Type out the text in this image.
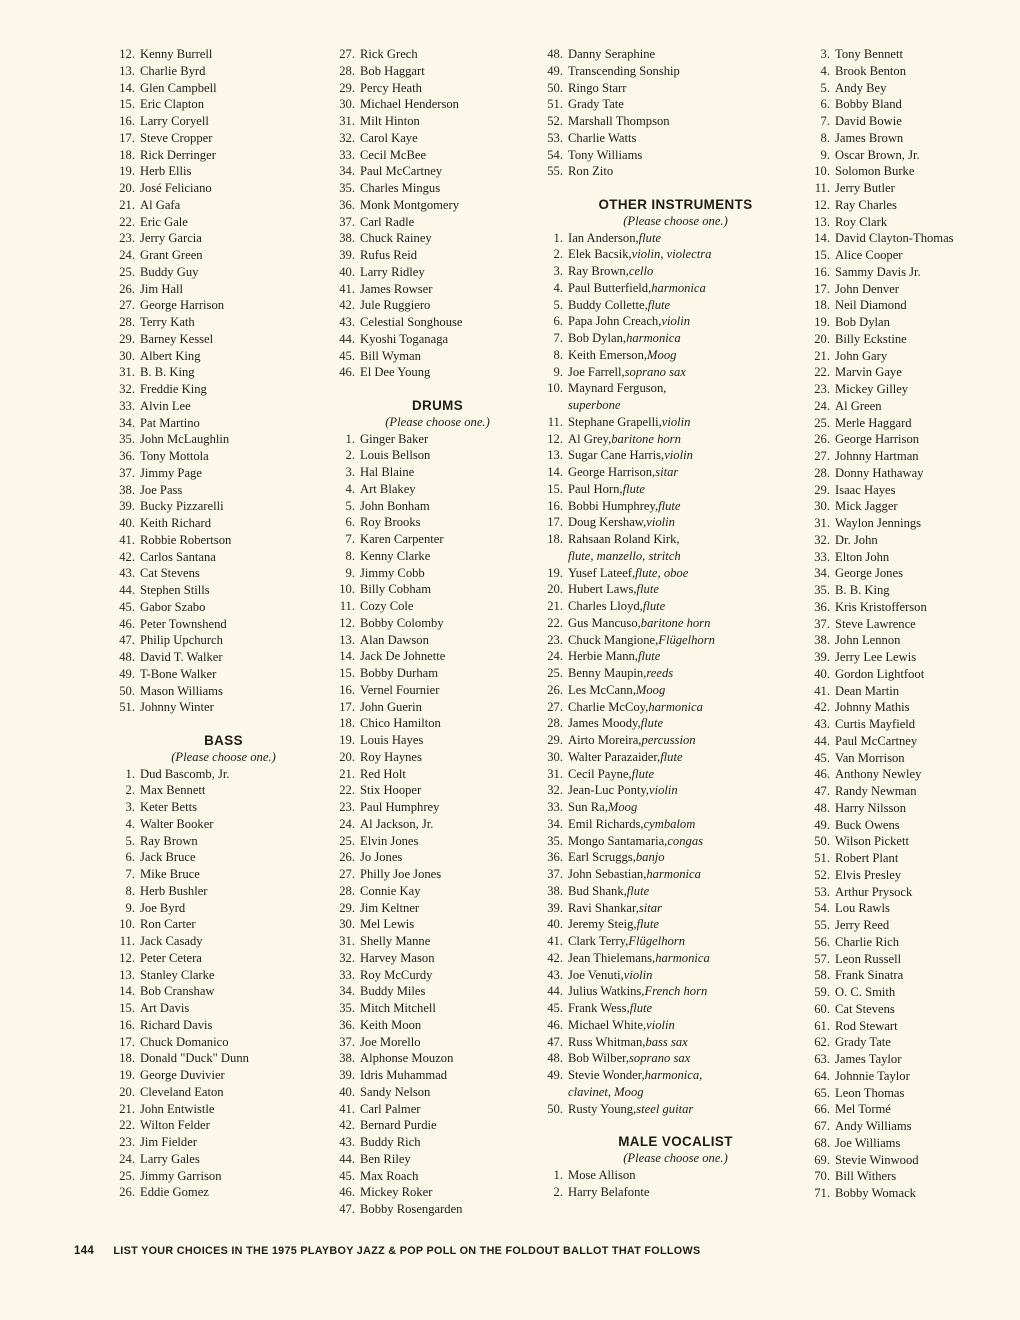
12. Kenny Burrell
13. Charlie Byrd
14. Glen Campbell
15. Eric Clapton
16. Larry Coryell
17. Steve Cropper
18. Rick Derringer
19. Herb Ellis
20. José Feliciano
21. Al Gafa
22. Eric Gale
23. Jerry Garcia
24. Grant Green
25. Buddy Guy
26. Jim Hall
27. George Harrison
28. Terry Kath
29. Barney Kessel
30. Albert King
31. B. B. King
32. Freddie King
33. Alvin Lee
34. Pat Martino
35. John McLaughlin
36. Tony Mottola
37. Jimmy Page
38. Joe Pass
39. Bucky Pizzarelli
40. Keith Richard
41. Robbie Robertson
42. Carlos Santana
43. Cat Stevens
44. Stephen Stills
45. Gabor Szabo
46. Peter Townshend
47. Philip Upchurch
48. David T. Walker
49. T-Bone Walker
50. Mason Williams
51. Johnny Winter
BASS
(Please choose one.)
1. Dud Bascomb, Jr.
2. Max Bennett
3. Keter Betts
4. Walter Booker
5. Ray Brown
6. Jack Bruce
7. Mike Bruce
8. Herb Bushler
9. Joe Byrd
10. Ron Carter
11. Jack Casady
12. Peter Cetera
13. Stanley Clarke
14. Bob Cranshaw
15. Art Davis
16. Richard Davis
17. Chuck Domanico
18. Donald "Duck" Dunn
19. George Duvivier
20. Cleveland Eaton
21. John Entwistle
22. Wilton Felder
23. Jim Fielder
24. Larry Gales
25. Jimmy Garrison
26. Eddie Gomez
27. Rick Grech
28. Bob Haggart
29. Percy Heath
30. Michael Henderson
31. Milt Hinton
32. Carol Kaye
33. Cecil McBee
34. Paul McCartney
35. Charles Mingus
36. Monk Montgomery
37. Carl Radle
38. Chuck Rainey
39. Rufus Reid
40. Larry Ridley
41. James Rowser
42. Jule Ruggiero
43. Celestial Songhouse
44. Kyoshi Toganaga
45. Bill Wyman
46. El Dee Young
DRUMS
(Please choose one.)
1. Ginger Baker
2. Louis Bellson
3. Hal Blaine
4. Art Blakey
5. John Bonham
6. Roy Brooks
7. Karen Carpenter
8. Kenny Clarke
9. Jimmy Cobb
10. Billy Cobham
11. Cozy Cole
12. Bobby Colomby
13. Alan Dawson
14. Jack De Johnette
15. Bobby Durham
16. Vernel Fournier
17. John Guerin
18. Chico Hamilton
19. Louis Hayes
20. Roy Haynes
21. Red Holt
22. Stix Hooper
23. Paul Humphrey
24. Al Jackson, Jr.
25. Elvin Jones
26. Jo Jones
27. Philly Joe Jones
28. Connie Kay
29. Jim Keltner
30. Mel Lewis
31. Shelly Manne
32. Harvey Mason
33. Roy McCurdy
34. Buddy Miles
35. Mitch Mitchell
36. Keith Moon
37. Joe Morello
38. Alphonse Mouzon
39. Idris Muhammad
40. Sandy Nelson
41. Carl Palmer
42. Bernard Purdie
43. Buddy Rich
44. Ben Riley
45. Max Roach
46. Mickey Roker
47. Bobby Rosengarden
48. Danny Seraphine
49. Transcending Sonship
50. Ringo Starr
51. Grady Tate
52. Marshall Thompson
53. Charlie Watts
54. Tony Williams
55. Ron Zito
OTHER INSTRUMENTS
(Please choose one.)
1. Ian Anderson, flute
2. Elek Bacsik, violin, violectra
3. Ray Brown, cello
4. Paul Butterfield, harmonica
5. Buddy Collette, flute
6. Papa John Creach, violin
7. Bob Dylan, harmonica
8. Keith Emerson, Moog
9. Joe Farrell, soprano sax
10. Maynard Ferguson,
superbone
11. Stephane Grapelli, violin
12. Al Grey, baritone horn
13. Sugar Cane Harris, violin
14. George Harrison, sitar
15. Paul Horn, flute
16. Bobbi Humphrey, flute
17. Doug Kershaw, violin
18. Rahsaan Roland Kirk,
flute, manzello, stritch
19. Yusef Lateef, flute, oboe
20. Hubert Laws, flute
21. Charles Lloyd, flute
22. Gus Mancuso, baritone horn
23. Chuck Mangione, Flügelhorn
24. Herbie Mann, flute
25. Benny Maupin, reeds
26. Les McCann, Moog
27. Charlie McCoy, harmonica
28. James Moody, flute
29. Airto Moreira, percussion
30. Walter Parazaider, flute
31. Cecil Payne, flute
32. Jean-Luc Ponty, violin
33. Sun Ra, Moog
34. Emil Richards, cymbalom
35. Mongo Santamaria, congas
36. Earl Scruggs, banjo
37. John Sebastian, harmonica
38. Bud Shank, flute
39. Ravi Shankar, sitar
40. Jeremy Steig, flute
41. Clark Terry, Flügelhorn
42. Jean Thielemans, harmonica
43. Joe Venuti, violin
44. Julius Watkins, French horn
45. Frank Wess, flute
46. Michael White, violin
47. Russ Whitman, bass sax
48. Bob Wilber, soprano sax
49. Stevie Wonder, harmonica,
clavinet, Moog
50. Rusty Young, steel guitar
MALE VOCALIST
(Please choose one.)
1. Mose Allison
2. Harry Belafonte
3. Tony Bennett
4. Brook Benton
5. Andy Bey
6. Bobby Bland
7. David Bowie
8. James Brown
9. Oscar Brown, Jr.
10. Solomon Burke
11. Jerry Butler
12. Ray Charles
13. Roy Clark
14. David Clayton-Thomas
15. Alice Cooper
16. Sammy Davis Jr.
17. John Denver
18. Neil Diamond
19. Bob Dylan
20. Billy Eckstine
21. John Gary
22. Marvin Gaye
23. Mickey Gilley
24. Al Green
25. Merle Haggard
26. George Harrison
27. Johnny Hartman
28. Donny Hathaway
29. Isaac Hayes
30. Mick Jagger
31. Waylon Jennings
32. Dr. John
33. Elton John
34. George Jones
35. B. B. King
36. Kris Kristofferson
37. Steve Lawrence
38. John Lennon
39. Jerry Lee Lewis
40. Gordon Lightfoot
41. Dean Martin
42. Johnny Mathis
43. Curtis Mayfield
44. Paul McCartney
45. Van Morrison
46. Anthony Newley
47. Randy Newman
48. Harry Nilsson
49. Buck Owens
50. Wilson Pickett
51. Robert Plant
52. Elvis Presley
53. Arthur Prysock
54. Lou Rawls
55. Jerry Reed
56. Charlie Rich
57. Leon Russell
58. Frank Sinatra
59. O. C. Smith
60. Cat Stevens
61. Rod Stewart
62. Grady Tate
63. James Taylor
64. Johnnie Taylor
65. Leon Thomas
66. Mel Tormé
67. Andy Williams
68. Joe Williams
69. Stevie Winwood
70. Bill Withers
71. Bobby Womack
144 LIST YOUR CHOICES IN THE 1975 PLAYBOY JAZZ & POP POLL ON THE FOLDOUT BALLOT THAT FOLLOWS
